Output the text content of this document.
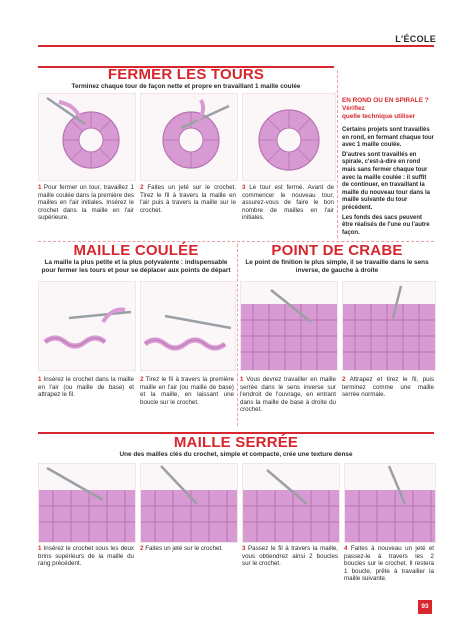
L'ÉCOLE
FERMER LES TOURS
Terminez chaque tour de façon nette et propre en travaillant 1 maille coulée
1 Pour fermer un tour, travaillez 1 maille coulée dans la première des mailles en l'air initiales. Insérez le crochet dans la maille en l'air supérieure.
2 Faites un jeté sur le crochet. Tirez le fil à travers la maille en l'air puis à travers la maille sur le crochet.
3 Le tour est fermé. Avant de commencer le nouveau tour, assurez-vous de faire le bon nombre de mailles en l'air initiales.
EN ROND OU EN SPIRALE ?
Vérifiez
quelle technique utiliser
Certains projets sont travaillés en rond, en fermant chaque tour avec 1 maille coulée.
D'autres sont travaillés en spirale, c'est-à-dire en rond mais sans fermer chaque tour avec la maille coulée : il suffit de continuer, en travaillant la maille du nouveau tour dans la maille suivante du tour précédent.
Les fonds des sacs peuvent être réalisés de l'une ou l'autre façon.
MAILLE COULÉE
La maille la plus petite et la plus polyvalente : indispensable pour fermer les tours et pour se déplacer aux points de départ
POINT DE CRABE
Le point de finition le plus simple, il se travaille dans le sens inverse, de gauche à droite
1 Insérez le crochet dans la maille en l'air (ou maille de base) et attrapez le fil.
2 Tirez le fil à travers la première maille en l'air (ou maille de base) et la maille, en laissant une boucle sur le crochet.
1 Vous devrez travailler en maille serrée dans le sens inverse sur l'endroit de l'ouvrage, en entrant dans la maille de base à droite du crochet.
2 Attrapez et tirez le fil, puis terminez comme une maille serrée normale.
MAILLE SERRÉE
Une des mailles clés du crochet, simple et compacte, crée une texture dense
1 Insérez le crochet sous les deux brins supérieurs de la maille du rang précédent.
2 Faites un jeté sur le crochet.	3 Passez le fil à travers la maille, vous obtiendrez ainsi 2 boucles sur le crochet.
4 Faites à nouveau un jeté et passez-le à travers les 2 boucles sur le crochet. Il restera 1 boucle, prête à travailler la maille suivante.
93
